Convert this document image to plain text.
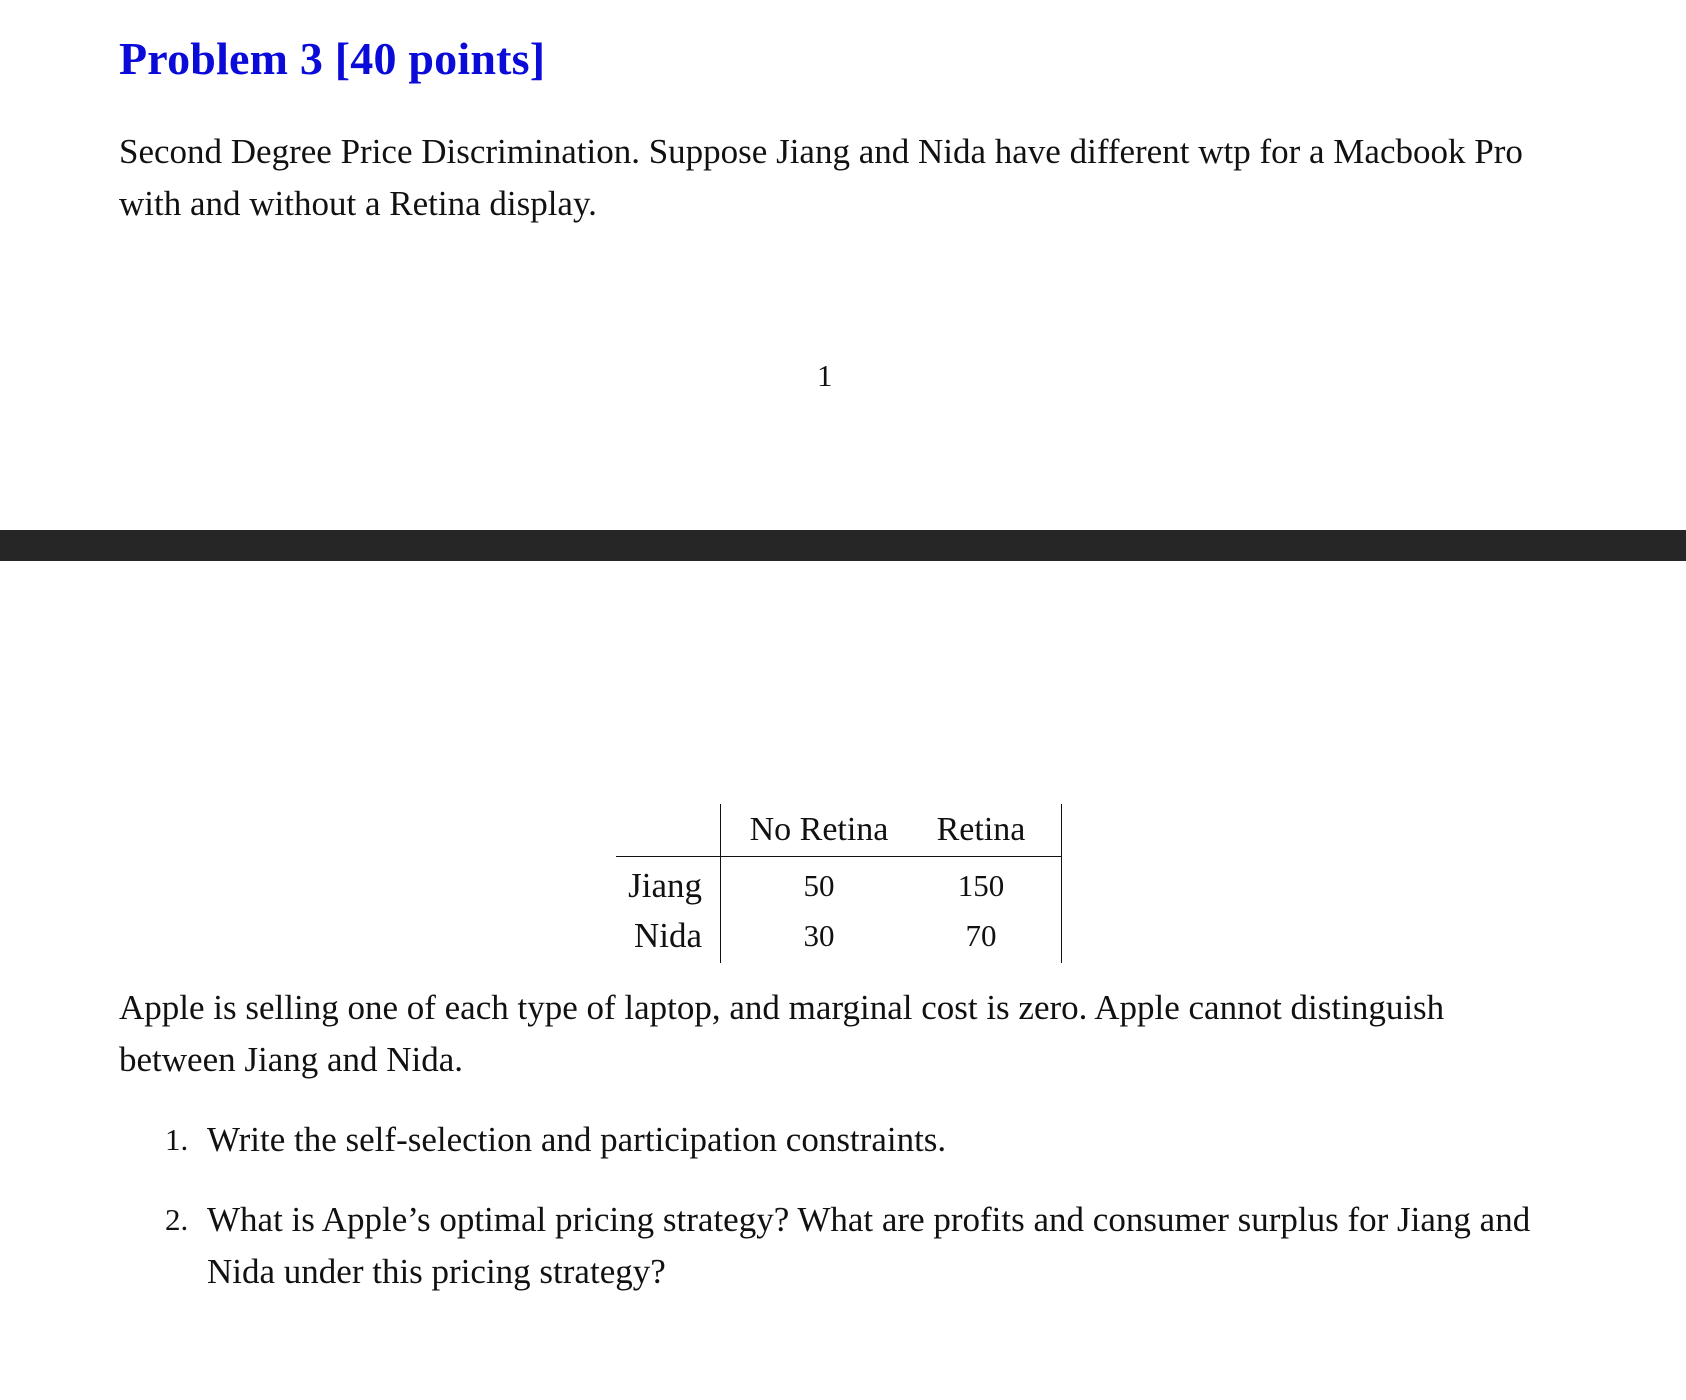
Problem 3 [40 points]

Second Degree Price Discrimination. Suppose Jiang and Nida have different wtp for a Macbook Pro with and without a Retina display.

1

	No Retina	Retina
Jiang	50	150
Nida	30	70

Apple is selling one of each type of laptop, and marginal cost is zero. Apple cannot distinguish between Jiang and Nida.

1. Write the self-selection and participation constraints.
2. What is Apple’s optimal pricing strategy? What are profits and consumer surplus for Jiang and Nida under this pricing strategy?
